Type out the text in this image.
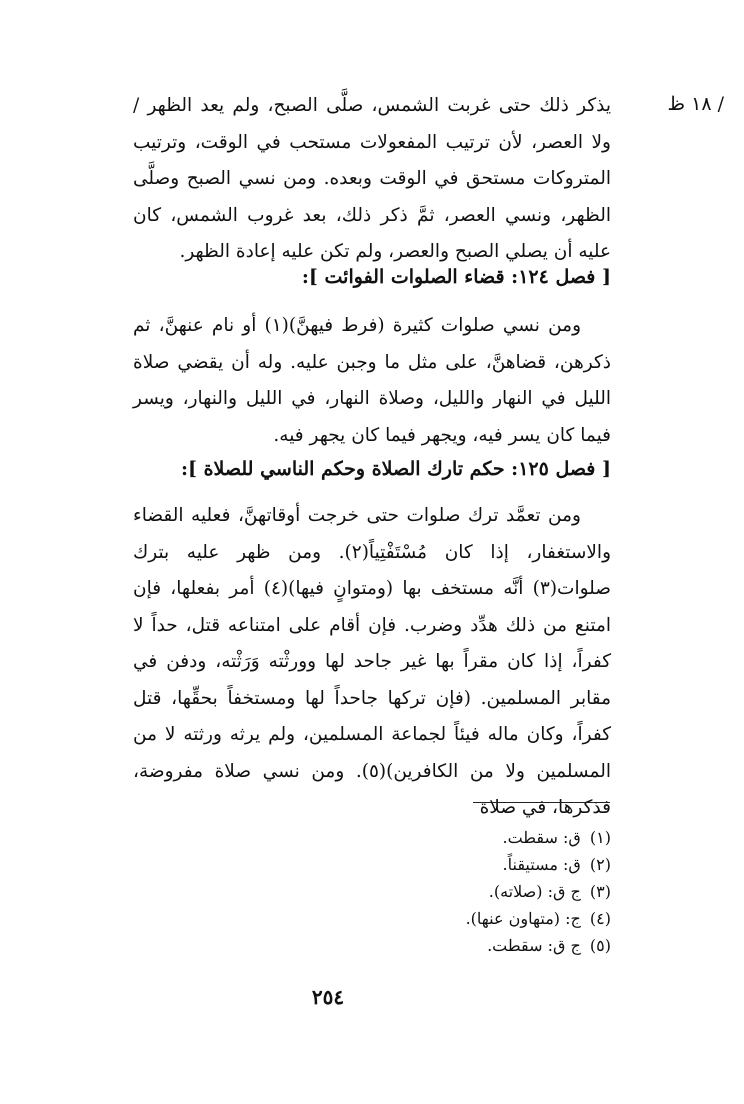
/ ١٨ ظ
يذكر ذلك حتى غربت الشمس، صلَّى الصبح، ولم يعد الظهر / ولا العصر، لأن ترتيب المفعولات مستحب في الوقت، وترتيب المتروكات مستحق في الوقت وبعده. ومن نسي الصبح وصلَّى الظهر، ونسي العصر، ثمَّ ذكر ذلك، بعد غروب الشمس، كان عليه أن يصلي الصبح والعصر، ولم تكن عليه إعادة الظهر.
[ فصل ١٢٤: قضاء الصلوات الفوائت ]:
ومن نسي صلوات كثيرة (فرط فيهنَّ)(١) أو نام عنهنَّ، ثم ذكرهن، قضاهنَّ، على مثل ما وجبن عليه. وله أن يقضي صلاة الليل في النهار والليل، وصلاة النهار، في الليل والنهار، ويسر فيما كان يسر فيه، ويجهر فيما كان يجهر فيه.
[ فصل ١٢٥: حكم تارك الصلاة وحكم الناسي للصلاة ]:
ومن تعمَّد ترك صلوات حتى خرجت أوقاتهنَّ، فعليه القضاء والاستغفار، إذا كان مُسْتَفْتِياً(٢). ومن ظهر عليه بترك صلوات(٣) أنَّه مستخف بها (ومتوانٍ فيها)(٤) أمر بفعلها، فإن امتنع من ذلك هدِّد وضرب. فإن أقام على امتناعه قتل، حداً لا كفراً، إذا كان مقراً بها غير جاحد لها وورثْته وَرَثْته، ودفن في مقابر المسلمين. (فإن تركها جاحداً لها ومستخفاً بحقِّها، قتل كفراً، وكان ماله فيئاً لجماعة المسلمين، ولم يرثه ورثته لا من المسلمين ولا من الكافرين)(٥). ومن نسي صلاة مفروضة، فذكرها، في صلاة
(١) ق: سقطت.
(٢) ق: مستيقناً.
(٣) ج ق: (صلاته).
(٤) ج: (متهاون عنها).
(٥) ج ق: سقطت.
٢٥٤
